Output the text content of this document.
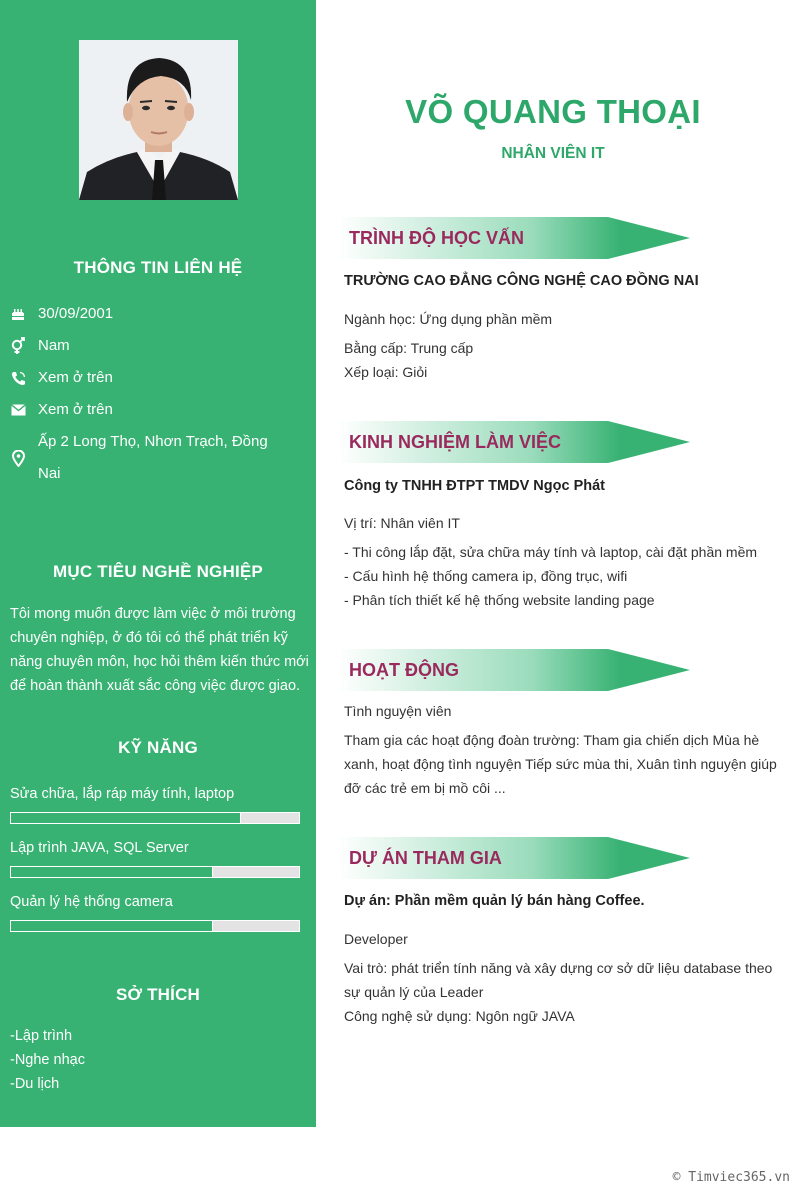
THÔNG TIN LIÊN HỆ
30/09/2001
Nam
Xem ở trên
Xem ở trên
Ấp 2 Long Thọ, Nhơn Trạch, Đồng Nai
MỤC TIÊU NGHỀ NGHIỆP
Tôi mong muốn được làm việc ở môi trường chuyên nghiệp, ở đó tôi có thể phát triển kỹ năng chuyên môn, học hỏi thêm kiến thức mới để hoàn thành xuất sắc công việc được giao.
KỸ NĂNG
Sửa chữa, lắp ráp máy tính, laptop
Lập trình JAVA, SQL Server
Quản lý hệ thống camera
SỞ THÍCH
-Lập trình
-Nghe nhạc
-Du lịch
VÕ QUANG THOẠI
NHÂN VIÊN IT
TRÌNH ĐỘ HỌC VẤN
TRƯỜNG CAO ĐẲNG CÔNG NGHỆ CAO ĐỒNG NAI
Ngành học: Ứng dụng phần mềm
Bằng cấp: Trung cấp
Xếp loại: Giỏi
KINH NGHIỆM LÀM VIỆC
Công ty TNHH ĐTPT TMDV Ngọc Phát
Vị trí: Nhân viên IT
- Thi công lắp đặt, sửa chữa máy tính và laptop, cài đặt phần mềm
- Cấu hình hệ thống camera ip, đồng trục, wifi
- Phân tích thiết kế hệ thống website landing page
HOẠT ĐỘNG
Tình nguyện viên
Tham gia các hoạt động đoàn trường: Tham gia chiến dịch Mùa hè xanh, hoạt động tình nguyện Tiếp sức mùa thi, Xuân tình nguyện giúp đỡ các trẻ em bị mồ côi ...
DỰ ÁN THAM GIA
Dự án: Phần mềm quản lý bán hàng Coffee.
Developer
Vai trò: phát triển tính năng và xây dựng cơ sở dữ liệu database theo sự quản lý của Leader
Công nghệ sử dụng: Ngôn ngữ JAVA
© Timviec365.vn
